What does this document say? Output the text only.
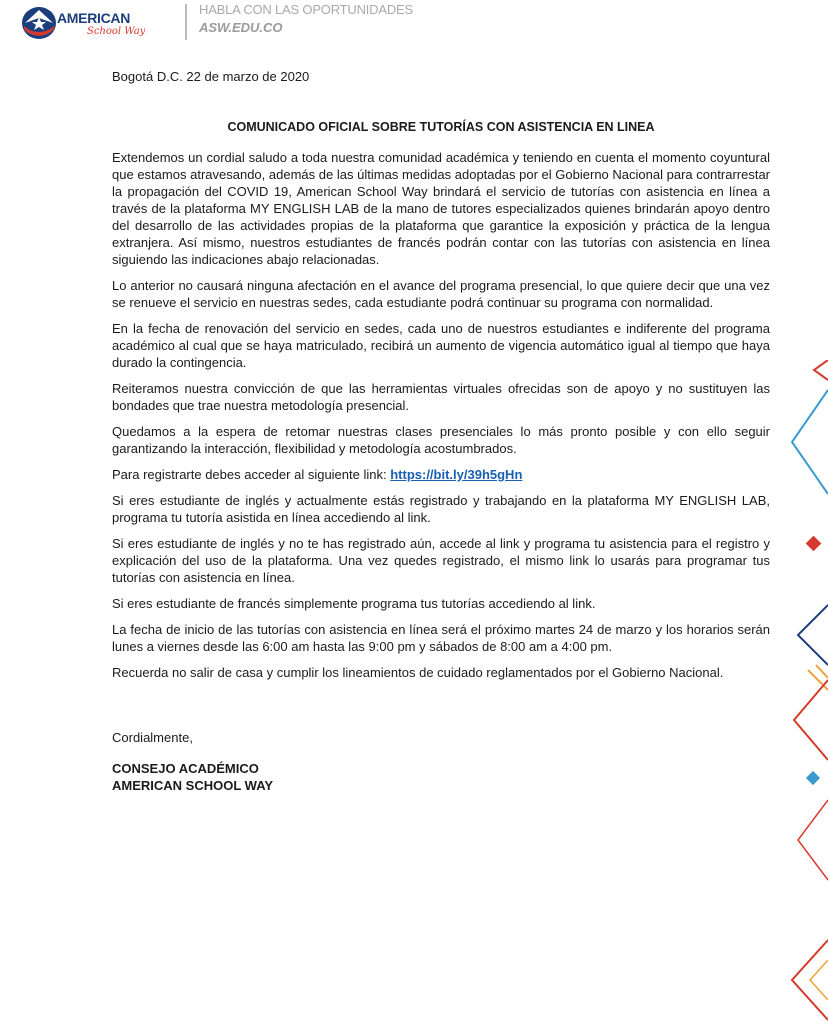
AMERICAN
School Way
HABLA CON LAS OPORTUNIDADES
ASW.EDU.CO

Bogotá D.C. 22 de marzo de 2020

COMUNICADO OFICIAL SOBRE TUTORÍAS CON ASISTENCIA EN LINEA

Extendemos un cordial saludo a toda nuestra comunidad académica y teniendo en cuenta el momento coyuntural que estamos atravesando, además de las últimas medidas adoptadas por el Gobierno Nacional para contrarrestar la propagación del COVID 19, American School Way brindará el servicio de tutorías con asistencia en línea a través de la plataforma MY ENGLISH LAB de la mano de tutores especializados quienes brindarán apoyo dentro del desarrollo de las actividades propias de la plataforma que garantice la exposición y práctica de la lengua extranjera. Así mismo, nuestros estudiantes de francés podrán contar con las tutorías con asistencia en línea siguiendo las indicaciones abajo relacionadas.

Lo anterior no causará ninguna afectación en el avance del programa presencial, lo que quiere decir que una vez se renueve el servicio en nuestras sedes, cada estudiante podrá continuar su programa con normalidad.

En la fecha de renovación del servicio en sedes, cada uno de nuestros estudiantes e indiferente del programa académico al cual que se haya matriculado, recibirá un aumento de vigencia automático igual al tiempo que haya durado la contingencia.

Reiteramos nuestra convicción de que las herramientas virtuales ofrecidas son de apoyo y no sustituyen las bondades que trae nuestra metodología presencial.

Quedamos a la espera de retomar nuestras clases presenciales lo más pronto posible y con ello seguir garantizando la interacción, flexibilidad y metodología acostumbrados.

Para registrarte debes acceder al siguiente link: https://bit.ly/39h5gHn

Si eres estudiante de inglés y actualmente estás registrado y trabajando en la plataforma MY ENGLISH LAB, programa tu tutoría asistida en línea accediendo al link.

Si eres estudiante de inglés y no te has registrado aún, accede al link y programa tu asistencia para el registro y explicación del uso de la plataforma. Una vez quedes registrado, el mismo link lo usarás para programar tus tutorías con asistencia en línea.

Si eres estudiante de francés simplemente programa tus tutorías accediendo al link.

La fecha de inicio de las tutorías con asistencia en línea será el próximo martes 24 de marzo y los horarios serán lunes a viernes desde las 6:00 am hasta las 9:00 pm y sábados de 8:00 am a 4:00 pm.

Recuerda no salir de casa y cumplir los lineamientos de cuidado reglamentados por el Gobierno Nacional.

Cordialmente,

CONSEJO ACADÉMICO

AMERICAN SCHOOL WAY
